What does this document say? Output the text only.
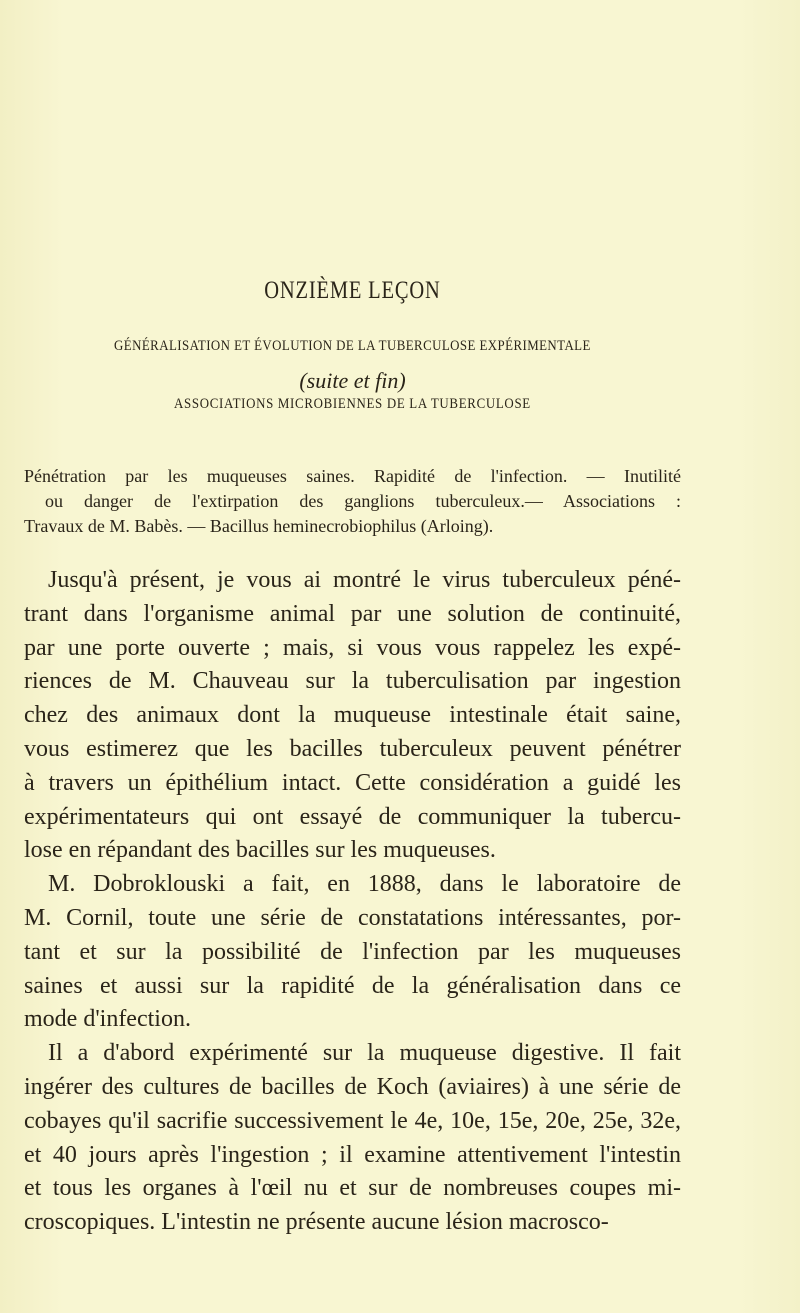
ONZIÈME LEÇON
GÉNÉRALISATION ET ÉVOLUTION DE LA TUBERCULOSE EXPÉRIMENTALE
(suite et fin)
ASSOCIATIONS MICROBIENNES DE LA TUBERCULOSE
Pénétration par les muqueuses saines. Rapidité de l'infection. — Inutilité
ou danger de l'extirpation des ganglions tuberculeux.— Associations :
Travaux de M. Babès. — Bacillus heminecrobiophilus (Arloing).
Jusqu'à présent, je vous ai montré le virus tuberculeux péné-
trant dans l'organisme animal par une solution de continuité,
par une porte ouverte ; mais, si vous vous rappelez les expé-
riences de M. Chauveau sur la tuberculisation par ingestion
chez des animaux dont la muqueuse intestinale était saine,
vous estimerez que les bacilles tuberculeux peuvent pénétrer
à travers un épithélium intact. Cette considération a guidé les
expérimentateurs qui ont essayé de communiquer la tubercu-
lose en répandant des bacilles sur les muqueuses.
M. Dobroklouski a fait, en 1888, dans le laboratoire de
M. Cornil, toute une série de constatations intéressantes, por-
tant et sur la possibilité de l'infection par les muqueuses
saines et aussi sur la rapidité de la généralisation dans ce
mode d'infection.
Il a d'abord expérimenté sur la muqueuse digestive. Il fait
ingérer des cultures de bacilles de Koch (aviaires) à une série de
cobayes qu'il sacrifie successivement le 4e, 10e, 15e, 20e, 25e, 32e,
et 40 jours après l'ingestion ; il examine attentivement l'intestin
et tous les organes à l'œil nu et sur de nombreuses coupes mi-
croscopiques. L'intestin ne présente aucune lésion macrosco-
